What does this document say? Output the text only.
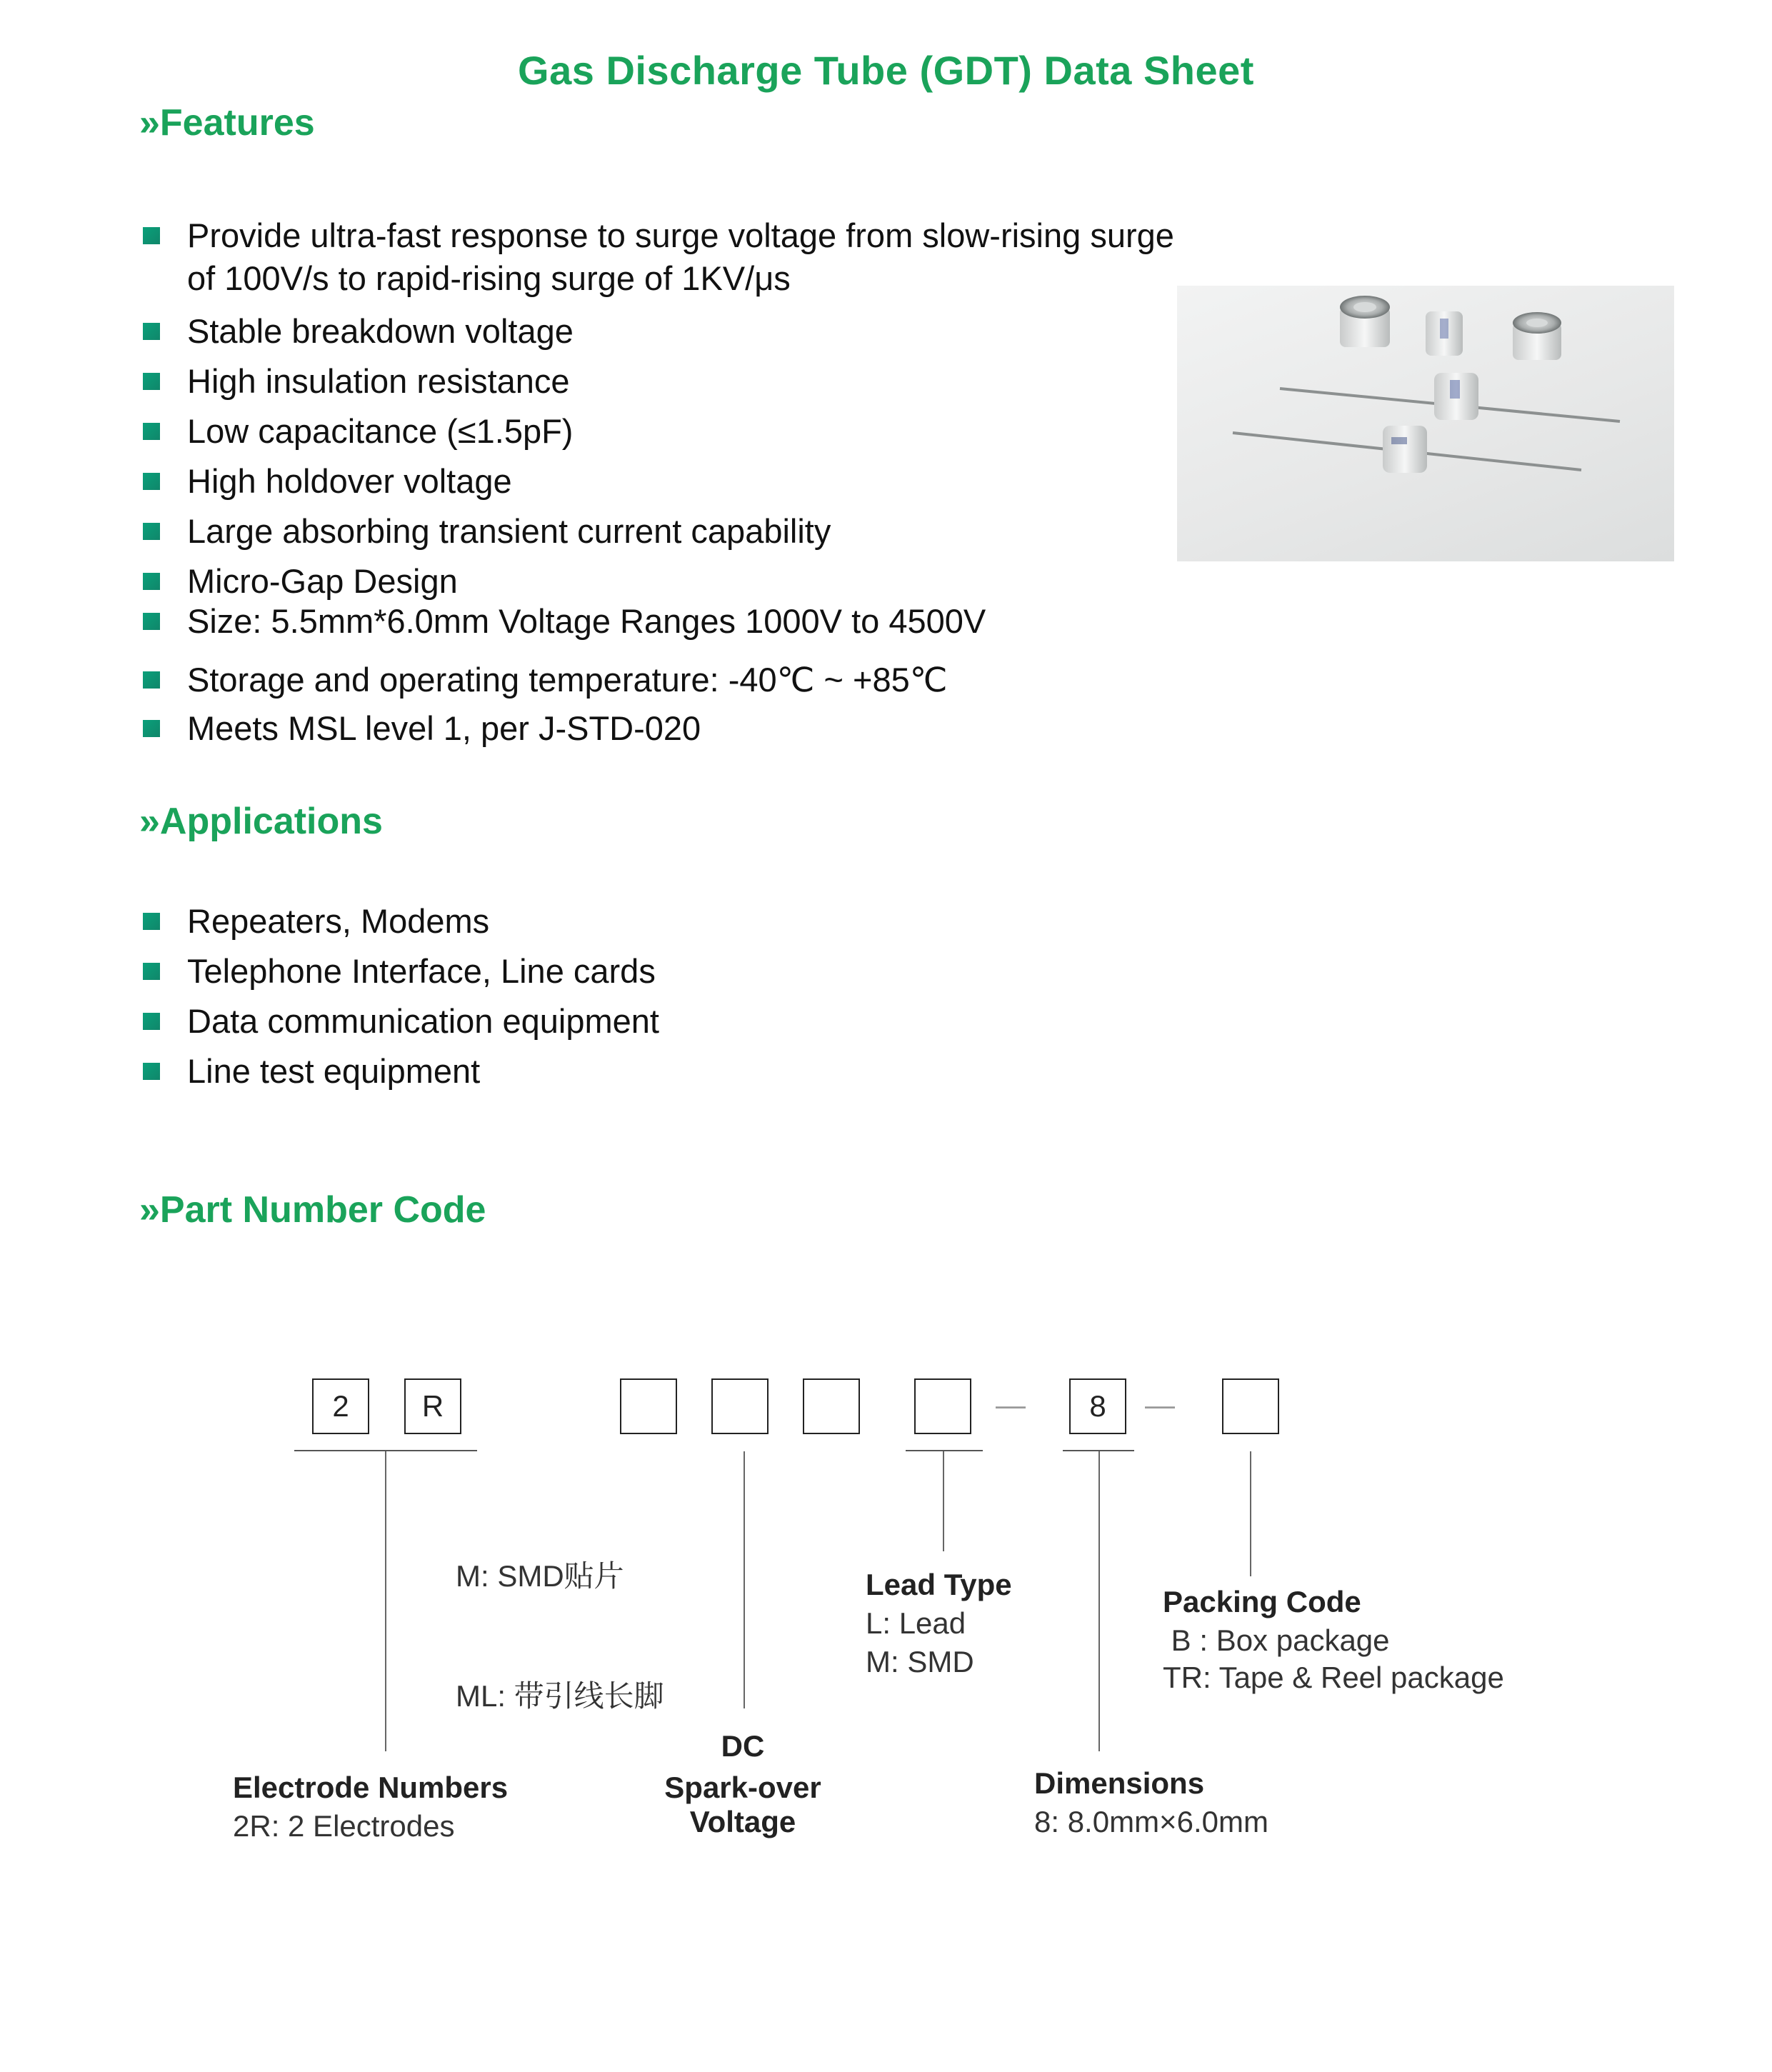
Gas Discharge Tube (GDT) Data Sheet
»Features
Provide ultra-fast response to surge voltage from slow-rising surge of 100V/s to rapid-rising surge of 1KV/μs
Stable breakdown voltage
High insulation resistance
Low capacitance (≤1.5pF)
High holdover voltage
Large absorbing transient current capability
Micro-Gap Design
Size: 5.5mm*6.0mm Voltage Ranges 1000V to 4500V
Storage and operating temperature: -40℃ ~ +85℃
Meets MSL level 1, per J-STD-020
»Applications
Repeaters, Modems
Telephone Interface, Line cards
Data communication equipment
Line test equipment
»Part Number Code
2	R	8
—	—
M: SMD贴片
ML: 带引线长脚
Electrode Numbers
2R: 2 Electrodes
DC
Spark-over
Voltage
Lead Type
L: Lead
M: SMD
Dimensions
8: 8.0mm×6.0mm
Packing Code
B : Box package
TR: Tape & Reel package
